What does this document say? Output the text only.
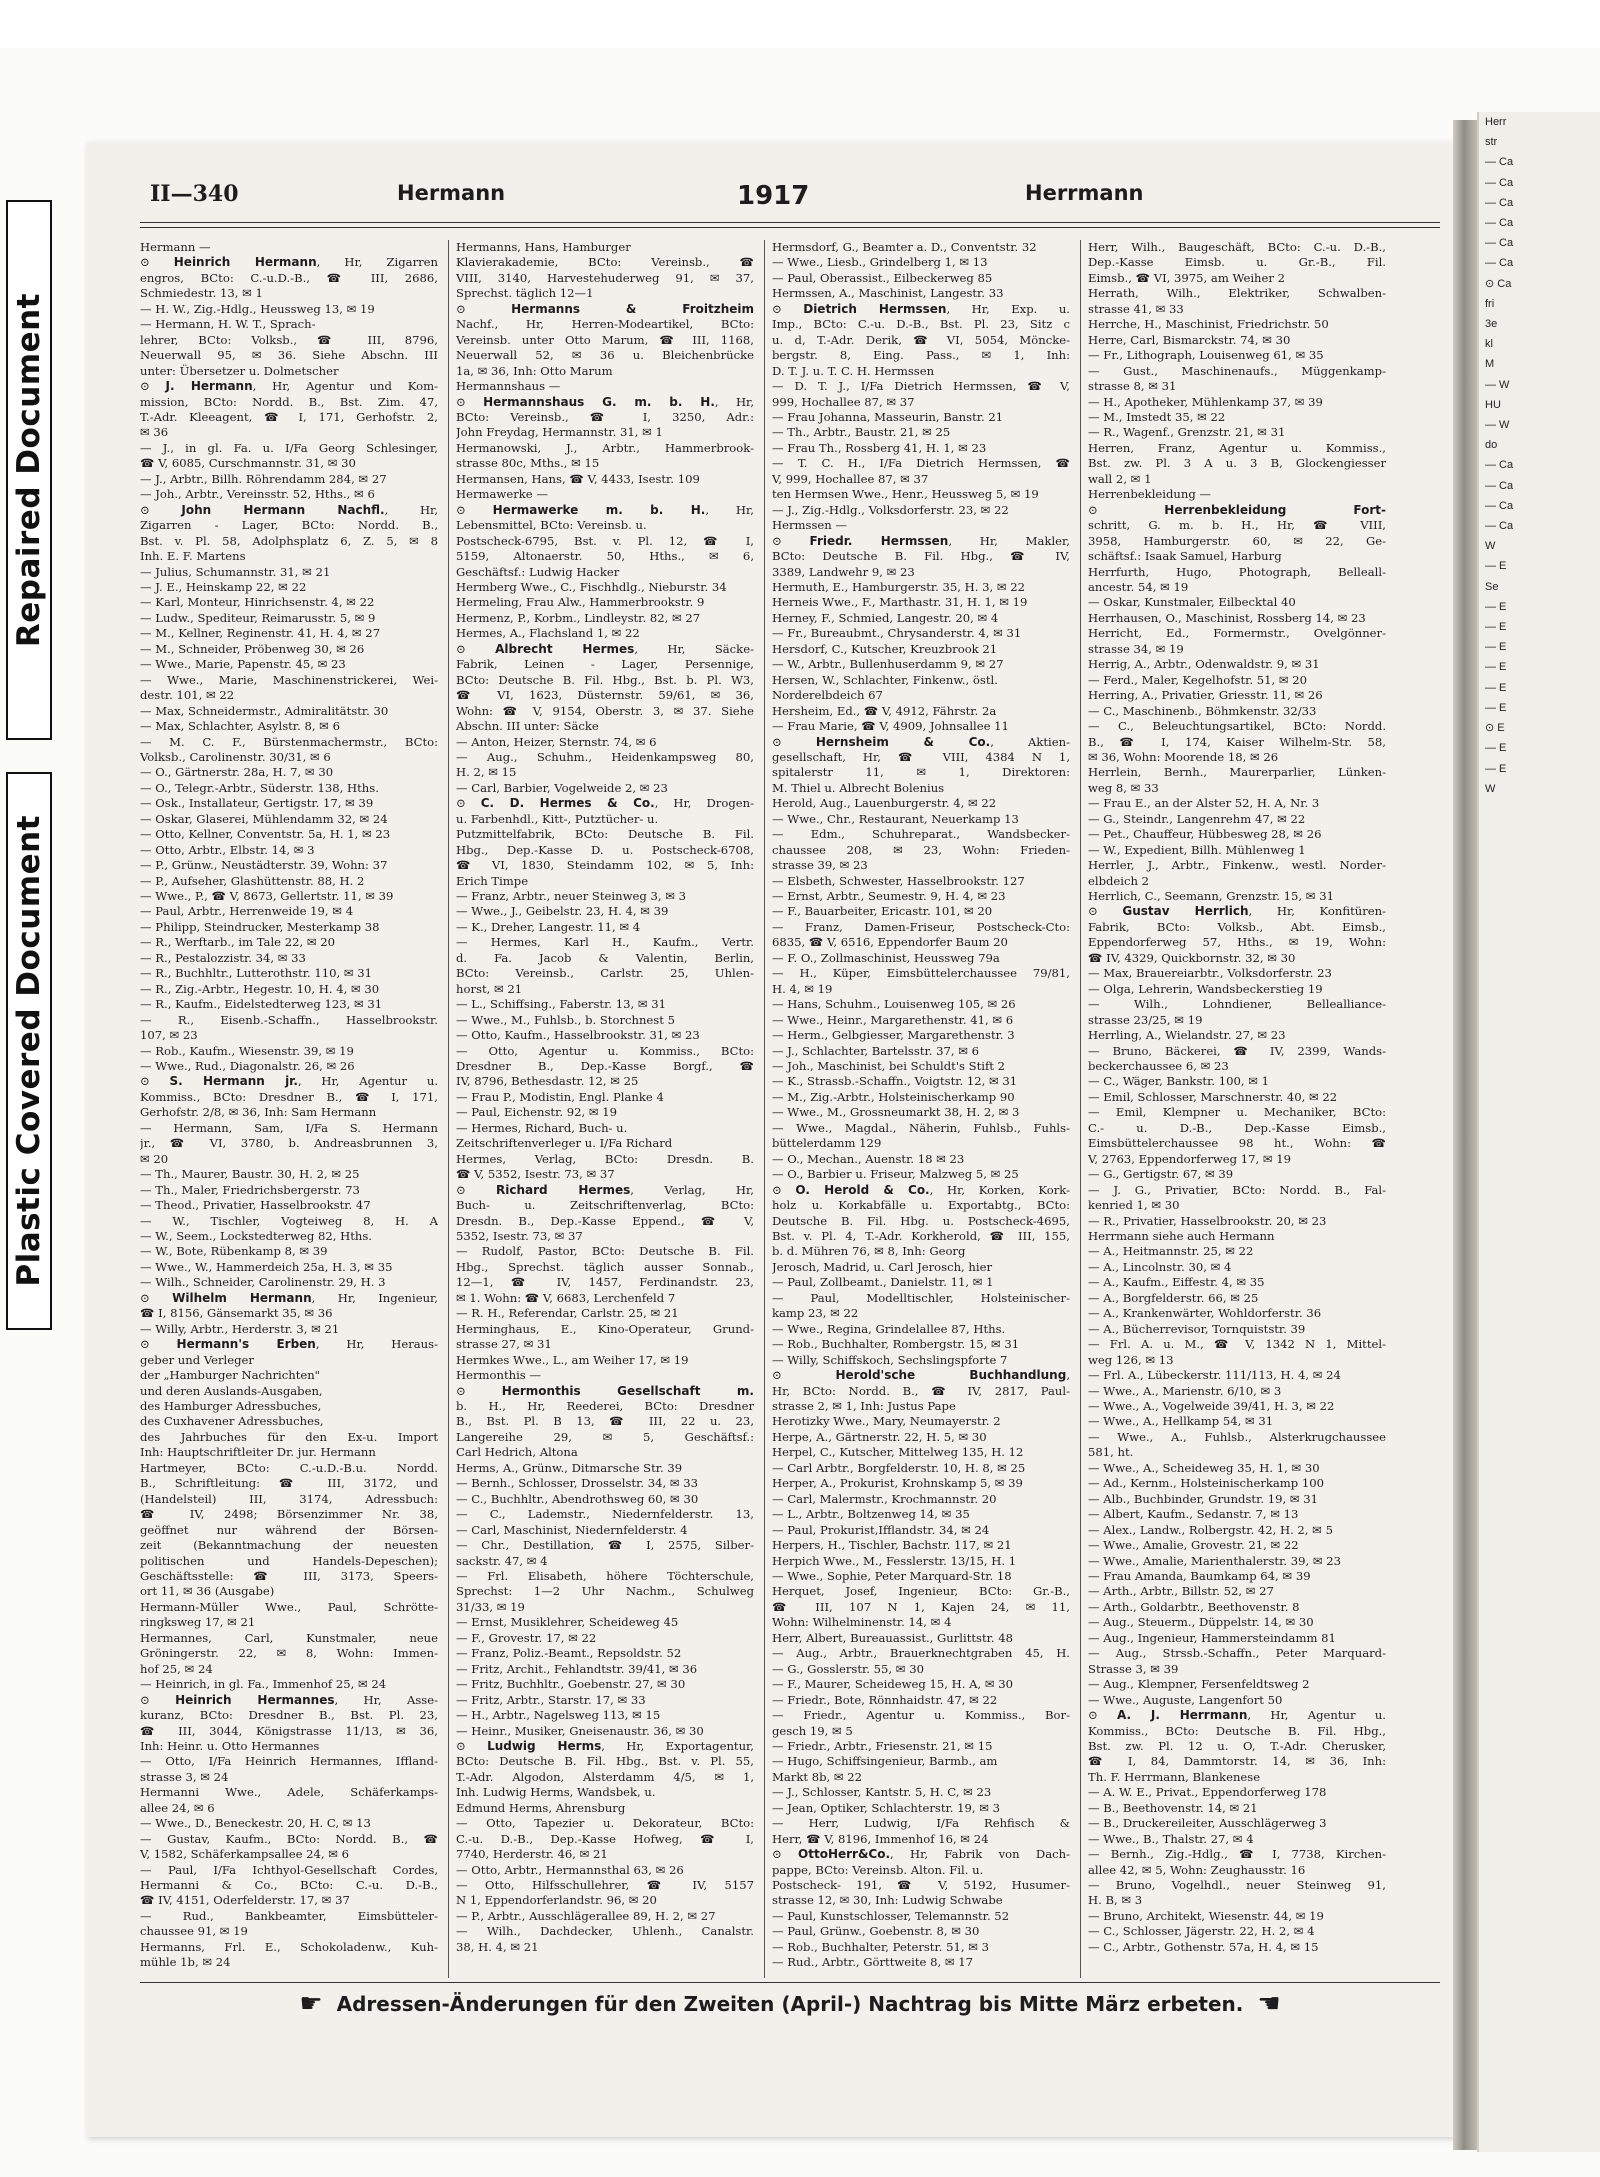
Repaired Document
Plastic Covered Document
Herr
str
— Ca
— Ca
— Ca
— Ca
— Ca
— Ca
⊙ Ca
fri
3e
kl
M
— W
HU
— W
do
— Ca
— Ca
— Ca
— Ca
W
— E
Se
— E
— E
— E
— E
— E
— E
⊙ E
— E
— E
W
II—340	Hermann	1917	Herrmann
Hermann —
⊙ Heinrich Hermann, Hr, Zigarren
engros, BCto: C.-u.D.-B., ☎ III, 2686,
Schmiedestr. 13, ✉ 1
— H. W., Zig.-Hdlg., Heussweg 13, ✉ 19
— Hermann, H. W. T., Sprach-
lehrer, BCto: Volksb., ☎ III, 8796,
Neuerwall 95, ✉ 36. Siehe Abschn. III
unter: Übersetzer u. Dolmetscher
⊙ J. Hermann, Hr, Agentur und Kom-
mission, BCto: Nordd. B., Bst. Zim. 47,
T.-Adr. Kleeagent, ☎ I, 171, Gerhofstr. 2,
✉ 36
— J., in gl. Fa. u. I/Fa Georg Schlesinger,
☎ V, 6085, Curschmannstr. 31, ✉ 30
— J., Arbtr., Billh. Röhrendamm 284, ✉ 27
— Joh., Arbtr., Vereinsstr. 52, Hths., ✉ 6
⊙ John Hermann Nachfl., Hr,
Zigarren - Lager, BCto: Nordd. B.,
Bst. v. Pl. 58, Adolphsplatz 6, Z. 5, ✉ 8
Inh. E. F. Martens
— Julius, Schumannstr. 31, ✉ 21
— J. E., Heinskamp 22, ✉ 22
— Karl, Monteur, Hinrichsenstr. 4, ✉ 22
— Ludw., Spediteur, Reimarusstr. 5, ✉ 9
— M., Kellner, Reginenstr. 41, H. 4, ✉ 27
— M., Schneider, Pröbenweg 30, ✉ 26
— Wwe., Marie, Papenstr. 45, ✉ 23
— Wwe., Marie, Maschinenstrickerei, Wei-
destr. 101, ✉ 22
— Max, Schneidermstr., Admiralitätstr. 30
— Max, Schlachter, Asylstr. 8, ✉ 6
— M. C. F., Bürstenmachermstr., BCto:
Volksb., Carolinenstr. 30/31, ✉ 6
— O., Gärtnerstr. 28a, H. 7, ✉ 30
— O., Telegr.-Arbtr., Süderstr. 138, Hths.
— Osk., Installateur, Gertigstr. 17, ✉ 39
— Oskar, Glaserei, Mühlendamm 32, ✉ 24
— Otto, Kellner, Conventstr. 5a, H. 1, ✉ 23
— Otto, Arbtr., Elbstr. 14, ✉ 3
— P., Grünw., Neustädterstr. 39, Wohn: 37
— P., Aufseher, Glashüttenstr. 88, H. 2
— Wwe., P., ☎ V, 8673, Gellertstr. 11, ✉ 39
— Paul, Arbtr., Herrenweide 19, ✉ 4
— Philipp, Steindrucker, Mesterkamp 38
— R., Werftarb., im Tale 22, ✉ 20
— R., Pestalozzistr. 34, ✉ 33
— R., Buchhltr., Lutterothstr. 110, ✉ 31
— R., Zig.-Arbtr., Hegestr. 10, H. 4, ✉ 30
— R., Kaufm., Eidelstedterweg 123, ✉ 31
— R., Eisenb.-Schaffn., Hasselbrookstr.
107, ✉ 23
— Rob., Kaufm., Wiesenstr. 39, ✉ 19
— Wwe., Rud., Diagonalstr. 26, ✉ 26
⊙ S. Hermann jr., Hr, Agentur u.
Kommiss., BCto: Dresdner B., ☎ I, 171,
Gerhofstr. 2/8, ✉ 36, Inh: Sam Hermann
— Hermann, Sam, I/Fa S. Hermann
jr., ☎ VI, 3780, b. Andreasbrunnen 3,
✉ 20
— Th., Maurer, Baustr. 30, H. 2, ✉ 25
— Th., Maler, Friedrichsbergerstr. 73
— Theod., Privatier, Hasselbrookstr. 47
— W., Tischler, Vogteiweg 8, H. A
— W., Seem., Lockstedterweg 82, Hths.
— W., Bote, Rübenkamp 8, ✉ 39
— Wwe., W., Hammerdeich 25a, H. 3, ✉ 35
— Wilh., Schneider, Carolinenstr. 29, H. 3
⊙ Wilhelm Hermann, Hr, Ingenieur,
☎ I, 8156, Gänsemarkt 35, ✉ 36
— Willy, Arbtr., Herderstr. 3, ✉ 21
⊙ Hermann's Erben, Hr, Heraus-
geber und Verleger
der „Hamburger Nachrichten"
und deren Auslands-Ausgaben,
des Hamburger Adressbuches,
des Cuxhavener Adressbuches,
des Jahrbuches für den Ex-u. Import
Inh: Hauptschriftleiter Dr. jur. Hermann
Hartmeyer, BCto: C.-u.D.-B.u. Nordd.
B., Schriftleitung: ☎ III, 3172, und
(Handelsteil) III, 3174, Adressbuch:
☎ IV, 2498; Börsenzimmer Nr. 38,
geöffnet nur während der Börsen-
zeit (Bekanntmachung der neuesten
politischen und Handels-Depeschen);
Geschäftsstelle: ☎ III, 3173, Speers-
ort 11, ✉ 36 (Ausgabe)
Hermann-Müller Wwe., Paul, Schrötte-
ringksweg 17, ✉ 21
Hermannes, Carl, Kunstmaler, neue
Gröningerstr. 22, ✉ 8, Wohn: Immen-
hof 25, ✉ 24
— Heinrich, in gl. Fa., Immenhof 25, ✉ 24
⊙ Heinrich Hermannes, Hr, Asse-
kuranz, BCto: Dresdner B., Bst. Pl. 23,
☎ III, 3044, Königstrasse 11/13, ✉ 36,
Inh: Heinr. u. Otto Hermannes
— Otto, I/Fa Heinrich Hermannes, Iffland-
strasse 3, ✉ 24
Hermanni Wwe., Adele, Schäferkamps-
allee 24, ✉ 6
— Wwe., D., Beneckestr. 20, H. C, ✉ 13
— Gustav, Kaufm., BCto: Nordd. B., ☎
V, 1582, Schäferkampsallee 24, ✉ 6
— Paul, I/Fa Ichthyol-Gesellschaft Cordes,
Hermanni & Co., BCto: C.-u. D.-B.,
☎ IV, 4151, Oderfelderstr. 17, ✉ 37
— Rud., Bankbeamter, Eimsbütteler-
chaussee 91, ✉ 19
Hermanns, Frl. E., Schokoladenw., Kuh-
mühle 1b, ✉ 24
Hermanns, Hans, Hamburger
Klavierakademie, BCto: Vereinsb., ☎
VIII, 3140, Harvestehuderweg 91, ✉ 37,
Sprechst. täglich 12—1
⊙ Hermanns & Froitzheim
Nachf., Hr, Herren-Modeartikel, BCto:
Vereinsb. unter Otto Marum, ☎ III, 1168,
Neuerwall 52, ✉ 36 u. Bleichenbrücke
1a, ✉ 36, Inh: Otto Marum
Hermannshaus —
⊙ Hermannshaus G. m. b. H., Hr,
BCto: Vereinsb., ☎ I, 3250, Adr.:
John Freydag, Hermannstr. 31, ✉ 1
Hermanowski, J., Arbtr., Hammerbrook-
strasse 80c, Mths., ✉ 15
Hermansen, Hans, ☎ V, 4433, Isestr. 109
Hermawerke —
⊙ Hermawerke m. b. H., Hr,
Lebensmittel, BCto: Vereinsb. u.
Postscheck-6795, Bst. v. Pl. 12, ☎ I,
5159, Altonaerstr. 50, Hths., ✉ 6,
Geschäftsf.: Ludwig Hacker
Hermberg Wwe., C., Fischhdlg., Nieburstr. 34
Hermeling, Frau Alw., Hammerbrookstr. 9
Hermenz, P., Korbm., Lindleystr. 82, ✉ 27
Hermes, A., Flachsland 1, ✉ 22
⊙ Albrecht Hermes, Hr, Säcke-
Fabrik, Leinen - Lager, Persennige,
BCto: Deutsche B. Fil. Hbg., Bst. b. Pl. W3,
☎ VI, 1623, Düsternstr. 59/61, ✉ 36,
Wohn: ☎ V, 9154, Oberstr. 3, ✉ 37. Siehe
Abschn. III unter: Säcke
— Anton, Heizer, Sternstr. 74, ✉ 6
— Aug., Schuhm., Heidenkampsweg 80,
H. 2, ✉ 15
— Carl, Barbier, Vogelweide 2, ✉ 23
⊙ C. D. Hermes & Co., Hr, Drogen-
u. Farbenhdl., Kitt-, Putztücher- u.
Putzmittelfabrik, BCto: Deutsche B. Fil.
Hbg., Dep.-Kasse D. u. Postscheck-6708,
☎ VI, 1830, Steindamm 102, ✉ 5, Inh:
Erich Timpe
— Franz, Arbtr., neuer Steinweg 3, ✉ 3
— Wwe., J., Geibelstr. 23, H. 4, ✉ 39
— K., Dreher, Langestr. 11, ✉ 4
— Hermes, Karl H., Kaufm., Vertr.
d. Fa. Jacob & Valentin, Berlin,
BCto: Vereinsb., Carlstr. 25, Uhlen-
horst, ✉ 21
— L., Schiffsing., Faberstr. 13, ✉ 31
— Wwe., M., Fuhlsb., b. Storchnest 5
— Otto, Kaufm., Hasselbrookstr. 31, ✉ 23
— Otto, Agentur u. Kommiss., BCto:
Dresdner B., Dep.-Kasse Borgf., ☎
IV, 8796, Bethesdastr. 12, ✉ 25
— Frau P., Modistin, Engl. Planke 4
— Paul, Eichenstr. 92, ✉ 19
— Hermes, Richard, Buch- u.
Zeitschriftenverleger u. I/Fa Richard
Hermes, Verlag, BCto: Dresdn. B.
☎ V, 5352, Isestr. 73, ✉ 37
⊙ Richard Hermes, Verlag, Hr,
Buch- u. Zeitschriftenverlag, BCto:
Dresdn. B., Dep.-Kasse Eppend., ☎ V,
5352, Isestr. 73, ✉ 37
— Rudolf, Pastor, BCto: Deutsche B. Fil.
Hbg., Sprechst. täglich ausser Sonnab.,
12—1, ☎ IV, 1457, Ferdinandstr. 23,
✉ 1. Wohn: ☎ V, 6683, Lerchenfeld 7
— R. H., Referendar, Carlstr. 25, ✉ 21
Herminghaus, E., Kino-Operateur, Grund-
strasse 27, ✉ 31
Hermkes Wwe., L., am Weiher 17, ✉ 19
Hermonthis —
⊙ Hermonthis Gesellschaft m.
b. H., Hr, Reederei, BCto: Dresdner
B., Bst. Pl. B 13, ☎ III, 22 u. 23,
Langereihe 29, ✉ 5, Geschäftsf.:
Carl Hedrich, Altona
Herms, A., Grünw., Ditmarsche Str. 39
— Bernh., Schlosser, Drosselstr. 34, ✉ 33
— C., Buchhltr., Abendrothsweg 60, ✉ 30
— C., Lademstr., Niedernfelderstr. 13,
— Carl, Maschinist, Niedernfelderstr. 4
— Chr., Destillation, ☎ I, 2575, Silber-
sackstr. 47, ✉ 4
— Frl. Elisabeth, höhere Töchterschule,
Sprechst: 1—2 Uhr Nachm., Schulweg
31/33, ✉ 19
— Ernst, Musiklehrer, Scheideweg 45
— F., Grovestr. 17, ✉ 22
— Franz, Poliz.-Beamt., Repsoldstr. 52
— Fritz, Archit., Fehlandtstr. 39/41, ✉ 36
— Fritz, Buchhltr., Goebenstr. 27, ✉ 30
— Fritz, Arbtr., Starstr. 17, ✉ 33
— H., Arbtr., Nagelsweg 113, ✉ 15
— Heinr., Musiker, Gneisenaustr. 36, ✉ 30
⊙ Ludwig Herms, Hr, Exportagentur,
BCto: Deutsche B. Fil. Hbg., Bst. v. Pl. 55,
T.-Adr. Algodon, Alsterdamm 4/5, ✉ 1,
Inh. Ludwig Herms, Wandsbek, u.
Edmund Herms, Ahrensburg
— Otto, Tapezier u. Dekorateur, BCto:
C.-u. D.-B., Dep.-Kasse Hofweg, ☎ I,
7740, Herderstr. 46, ✉ 21
— Otto, Arbtr., Hermannsthal 63, ✉ 26
— Otto, Hilfsschullehrer, ☎ IV, 5157
N 1, Eppendorferlandstr. 96, ✉ 20
— P., Arbtr., Ausschlägerallee 89, H. 2, ✉ 27
— Wilh., Dachdecker, Uhlenh., Canalstr.
38, H. 4, ✉ 21
Hermsdorf, G., Beamter a. D., Conventstr. 32
— Wwe., Liesb., Grindelberg 1, ✉ 13
— Paul, Oberassist., Eilbeckerweg 85
Hermssen, A., Maschinist, Langestr. 33
⊙ Dietrich Hermssen, Hr, Exp. u.
Imp., BCto: C.-u. D.-B., Bst. Pl. 23, Sitz c
u. d, T.-Adr. Derik, ☎ VI, 5054, Möncke-
bergstr. 8, Eing. Pass., ✉ 1, Inh:
D. T. J. u. T. C. H. Hermssen
— D. T. J., I/Fa Dietrich Hermssen, ☎ V,
999, Hochallee 87, ✉ 37
— Frau Johanna, Masseurin, Banstr. 21
— Th., Arbtr., Baustr. 21, ✉ 25
— Frau Th., Rossberg 41, H. 1, ✉ 23
— T. C. H., I/Fa Dietrich Hermssen, ☎
V, 999, Hochallee 87, ✉ 37
ten Hermsen Wwe., Henr., Heussweg 5, ✉ 19
— J., Zig.-Hdlg., Volksdorferstr. 23, ✉ 22
Hermssen —
⊙ Friedr. Hermssen, Hr, Makler,
BCto: Deutsche B. Fil. Hbg., ☎ IV,
3389, Landwehr 9, ✉ 23
Hermuth, E., Hamburgerstr. 35, H. 3, ✉ 22
Herneis Wwe., F., Marthastr. 31, H. 1, ✉ 19
Herney, F., Schmied, Langestr. 20, ✉ 4
— Fr., Bureaubmt., Chrysanderstr. 4, ✉ 31
Hersdorf, C., Kutscher, Kreuzbrook 21
— W., Arbtr., Bullenhuserdamm 9, ✉ 27
Hersen, W., Schlachter, Finkenw., östl.
Norderelbdeich 67
Hersheim, Ed., ☎ V, 4912, Fährstr. 2a
— Frau Marie, ☎ V, 4909, Johnsallee 11
⊙ Hernsheim & Co., Aktien-
gesellschaft, Hr, ☎ VIII, 4384 N 1,
spitalerstr 11, ✉ 1, Direktoren:
M. Thiel u. Albrecht Bolenius
Herold, Aug., Lauenburgerstr. 4, ✉ 22
— Wwe., Chr., Restaurant, Neuerkamp 13
— Edm., Schuhreparat., Wandsbecker-
chaussee 208, ✉ 23, Wohn: Frieden-
strasse 39, ✉ 23
— Elsbeth, Schwester, Hasselbrookstr. 127
— Ernst, Arbtr., Seumestr. 9, H. 4, ✉ 23
— F., Bauarbeiter, Ericastr. 101, ✉ 20
— Franz, Damen-Friseur, Postscheck-Cto:
6835, ☎ V, 6516, Eppendorfer Baum 20
— F. O., Zollmaschinist, Heussweg 79a
— H., Küper, Eimsbüttelerchaussee 79/81,
H. 4, ✉ 19
— Hans, Schuhm., Louisenweg 105, ✉ 26
— Wwe., Heinr., Margarethenstr. 41, ✉ 6
— Herm., Gelbgiesser, Margarethenstr. 3
— J., Schlachter, Bartelsstr. 37, ✉ 6
— Joh., Maschinist, bei Schuldt's Stift 2
— K., Strassb.-Schaffn., Voigtstr. 12, ✉ 31
— M., Zig.-Arbtr., Holsteinischerkamp 90
— Wwe., M., Grossneumarkt 38, H. 2, ✉ 3
— Wwe., Magdal., Näherin, Fuhlsb., Fuhls-
büttelerdamm 129
— O., Mechan., Auenstr. 18 ✉ 23
— O., Barbier u. Friseur, Malzweg 5, ✉ 25
⊙ O. Herold & Co., Hr, Korken, Kork-
holz u. Korkabfälle u. Exportabtg., BCto:
Deutsche B. Fil. Hbg. u. Postscheck-4695,
Bst. v. Pl. 4, T.-Adr. Korkherold, ☎ III, 155,
b. d. Mühren 76, ✉ 8, Inh: Georg
Jerosch, Madrid, u. Carl Jerosch, hier
— Paul, Zollbeamt., Danielstr. 11, ✉ 1
— Paul, Modelltischler, Holsteinischer-
kamp 23, ✉ 22
— Wwe., Regina, Grindelallee 87, Hths.
— Rob., Buchhalter, Rombergstr. 15, ✉ 31
— Willy, Schiffskoch, Sechslingspforte 7
⊙ Herold'sche Buchhandlung,
Hr, BCto: Nordd. B., ☎ IV, 2817, Paul-
strasse 2, ✉ 1, Inh: Justus Pape
Herotizky Wwe., Mary, Neumayerstr. 2
Herpe, A., Gärtnerstr. 22, H. 5, ✉ 30
Herpel, C., Kutscher, Mittelweg 135, H. 12
— Carl Arbtr., Borgfelderstr. 10, H. 8, ✉ 25
Herper, A., Prokurist, Krohnskamp 5, ✉ 39
— Carl, Malermstr., Krochmannstr. 20
— L., Arbtr., Boltzenweg 14, ✉ 35
— Paul, Prokurist,Ifflandstr. 34, ✉ 24
Herpers, H., Tischler, Bachstr. 117, ✉ 21
Herpich Wwe., M., Fesslerstr. 13/15, H. 1
— Wwe., Sophie, Peter Marquard-Str. 18
Herquet, Josef, Ingenieur, BCto: Gr.-B.,
☎ III, 107 N 1, Kajen 24, ✉ 11,
Wohn: Wilhelminenstr. 14, ✉ 4
Herr, Albert, Bureauassist., Gurlittstr. 48
— Aug., Arbtr., Brauerknechtgraben 45, H.
— G., Gosslerstr. 55, ✉ 30
— F., Maurer, Scheideweg 15, H. A, ✉ 30
— Friedr., Bote, Rönnhaidstr. 47, ✉ 22
— Friedr., Agentur u. Kommiss., Bor-
gesch 19, ✉ 5
— Friedr., Arbtr., Friesenstr. 21, ✉ 15
— Hugo, Schiffsingenieur, Barmb., am
Markt 8b, ✉ 22
— J., Schlosser, Kantstr. 5, H. C, ✉ 23
— Jean, Optiker, Schlachterstr. 19, ✉ 3
— Herr, Ludwig, I/Fa Rehfisch &
Herr, ☎ V, 8196, Immenhof 16, ✉ 24
⊙ OttoHerr&Co., Hr, Fabrik von Dach-
pappe, BCto: Vereinsb. Alton. Fil. u.
Postscheck- 191, ☎ V, 5192, Husumer-
strasse 12, ✉ 30, Inh: Ludwig Schwabe
— Paul, Kunstschlosser, Telemannstr. 52
— Paul, Grünw., Goebenstr. 8, ✉ 30
— Rob., Buchhalter, Peterstr. 51, ✉ 3
— Rud., Arbtr., Görttweite 8, ✉ 17
Herr, Wilh., Baugeschäft, BCto: C.-u. D.-B.,
Dep.-Kasse Eimsb. u. Gr.-B., Fil.
Eimsb., ☎ VI, 3975, am Weiher 2
Herrath, Wilh., Elektriker, Schwalben-
strasse 41, ✉ 33
Herrche, H., Maschinist, Friedrichstr. 50
Herre, Carl, Bismarckstr. 74, ✉ 30
— Fr., Lithograph, Louisenweg 61, ✉ 35
— Gust., Maschinenaufs., Müggenkamp-
strasse 8, ✉ 31
— H., Apotheker, Mühlenkamp 37, ✉ 39
— M., Imstedt 35, ✉ 22
— R., Wagenf., Grenzstr. 21, ✉ 31
Herren, Franz, Agentur u. Kommiss.,
Bst. zw. Pl. 3 A u. 3 B, Glockengiesser
wall 2, ✉ 1
Herrenbekleidung —
⊙ Herrenbekleidung Fort-
schritt, G. m. b. H., Hr, ☎ VIII,
3958, Hamburgerstr. 60, ✉ 22, Ge-
schäftsf.: Isaak Samuel, Harburg
Herrfurth, Hugo, Photograph, Belleall-
ancestr. 54, ✉ 19
— Oskar, Kunstmaler, Eilbecktal 40
Herrhausen, O., Maschinist, Rossberg 14, ✉ 23
Herricht, Ed., Formermstr., Ovelgönner-
strasse 34, ✉ 19
Herrig, A., Arbtr., Odenwaldstr. 9, ✉ 31
— Ferd., Maler, Kegelhofstr. 51, ✉ 20
Herring, A., Privatier, Griesstr. 11, ✉ 26
— C., Maschinenb., Böhmkenstr. 32/33
— C., Beleuchtungsartikel, BCto: Nordd.
B., ☎ I, 174, Kaiser Wilhelm-Str. 58,
✉ 36, Wohn: Moorende 18, ✉ 26
Herrlein, Bernh., Maurerparlier, Lünken-
weg 8, ✉ 33
— Frau E., an der Alster 52, H. A, Nr. 3
— G., Steindr., Langenrehm 47, ✉ 22
— Pet., Chauffeur, Hübbesweg 28, ✉ 26
— W., Expedient, Billh. Mühlenweg 1
Herrler, J., Arbtr., Finkenw., westl. Norder-
elbdeich 2
Herrlich, C., Seemann, Grenzstr. 15, ✉ 31
⊙ Gustav Herrlich, Hr, Konfitüren-
Fabrik, BCto: Volksb., Abt. Eimsb.,
Eppendorferweg 57, Hths., ✉ 19, Wohn:
☎ IV, 4329, Quickbornstr. 32, ✉ 30
— Max, Brauereiarbtr., Volksdorferstr. 23
— Olga, Lehrerin, Wandsbeckerstieg 19
— Wilh., Lohndiener, Bellealliance-
strasse 23/25, ✉ 19
Herrling, A., Wielandstr. 27, ✉ 23
— Bruno, Bäckerei, ☎ IV, 2399, Wands-
beckerchaussee 6, ✉ 23
— C., Wäger, Bankstr. 100, ✉ 1
— Emil, Schlosser, Marschnerstr. 40, ✉ 22
— Emil, Klempner u. Mechaniker, BCto:
C.- u. D.-B., Dep.-Kasse Eimsb.,
Eimsbüttelerchaussee 98 ht., Wohn: ☎
V, 2763, Eppendorferweg 17, ✉ 19
— G., Gertigstr. 67, ✉ 39
— J. G., Privatier, BCto: Nordd. B., Fal-
kenried 1, ✉ 30
— R., Privatier, Hasselbrookstr. 20, ✉ 23
Herrmann siehe auch Hermann
— A., Heitmannstr. 25, ✉ 22
— A., Lincolnstr. 30, ✉ 4
— A., Kaufm., Eiffestr. 4, ✉ 35
— A., Borgfelderstr. 66, ✉ 25
— A., Krankenwärter, Wohldorferstr. 36
— A., Bücherrevisor, Tornquiststr. 39
— Frl. A. u. M., ☎ V, 1342 N 1, Mittel-
weg 126, ✉ 13
— Frl. A., Lübeckerstr. 111/113, H. 4, ✉ 24
— Wwe., A., Marienstr. 6/10, ✉ 3
— Wwe., A., Vogelweide 39/41, H. 3, ✉ 22
— Wwe., A., Hellkamp 54, ✉ 31
— Wwe., A., Fuhlsb., Alsterkrugchaussee
581, ht.
— Wwe., A., Scheideweg 35, H. 1, ✉ 30
— Ad., Kernm., Holsteinischerkamp 100
— Alb., Buchbinder, Grundstr. 19, ✉ 31
— Albert, Kaufm., Sedanstr. 7, ✉ 13
— Alex., Landw., Rolbergstr. 42, H. 2, ✉ 5
— Wwe., Amalie, Grovestr. 21, ✉ 22
— Wwe., Amalie, Marienthalerstr. 39, ✉ 23
— Frau Amanda, Baumkamp 64, ✉ 39
— Arth., Arbtr., Billstr. 52, ✉ 27
— Arth., Goldarbtr., Beethovenstr. 8
— Aug., Steuerm., Düppelstr. 14, ✉ 30
— Aug., Ingenieur, Hammersteindamm 81
— Aug., Strssb.-Schaffn., Peter Marquard-
Strasse 3, ✉ 39
— Aug., Klempner, Fersenfeldtsweg 2
— Wwe., Auguste, Langenfort 50
⊙ A. J. Herrmann, Hr, Agentur u.
Kommiss., BCto: Deutsche B. Fil. Hbg.,
Bst. zw. Pl. 12 u. O, T.-Adr. Cherusker,
☎ I, 84, Dammtorstr. 14, ✉ 36, Inh:
Th. F. Herrmann, Blankenese
— A. W. E., Privat., Eppendorferweg 178
— B., Beethovenstr. 14, ✉ 21
— B., Druckereileiter, Ausschlägerweg 3
— Wwe., B., Thalstr. 27, ✉ 4
— Bernh., Zig.-Hdlg., ☎ I, 7738, Kirchen-
allee 42, ✉ 5, Wohn: Zeughausstr. 16
— Bruno, Vogelhdl., neuer Steinweg 91,
H. B, ✉ 3
— Bruno, Architekt, Wiesenstr. 44, ✉ 19
— C., Schlosser, Jägerstr. 22, H. 2, ✉ 4
— C., Arbtr., Gothenstr. 57a, H. 4, ✉ 15
☛ Adressen-Änderungen für den Zweiten (April-) Nachtrag bis Mitte März erbeten. ☚
